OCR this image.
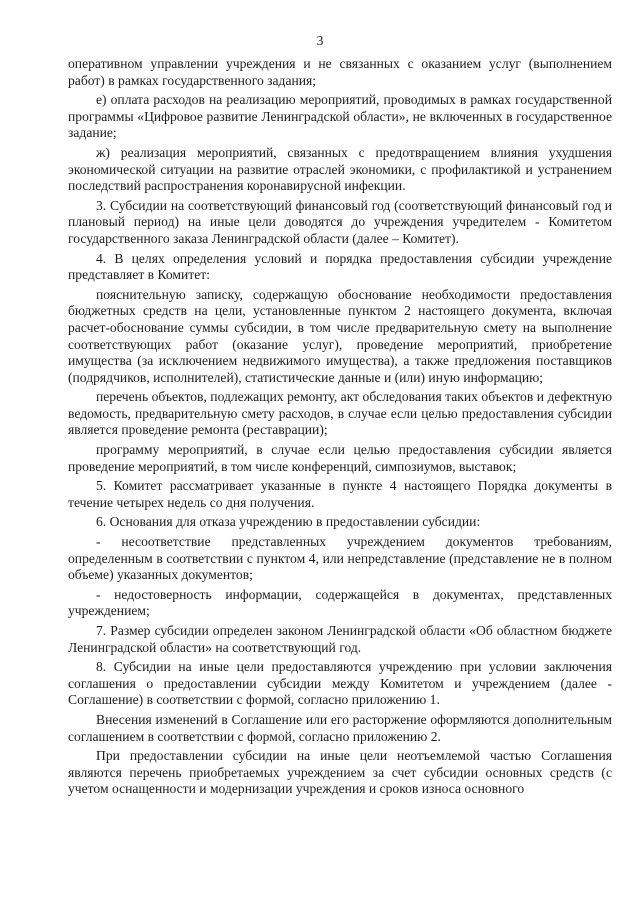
3

оперативном управлении учреждения и не связанных с оказанием услуг (выполнением работ) в рамках государственного задания;

е) оплата расходов на реализацию мероприятий, проводимых в рамках государственной программы «Цифровое развитие Ленинградской области», не включенных в государственное задание;

ж) реализация мероприятий, связанных с предотвращением влияния ухудшения экономической ситуации на развитие отраслей экономики, с профилактикой и устранением последствий распространения коронавирусной инфекции.

3. Субсидии на соответствующий финансовый год (соответствующий финансовый год и плановый период) на иные цели доводятся до учреждения учредителем - Комитетом государственного заказа Ленинградской области (далее – Комитет).

4. В целях определения условий и порядка предоставления субсидии учреждение представляет в Комитет:

пояснительную записку, содержащую обоснование необходимости предоставления бюджетных средств на цели, установленные пунктом 2 настоящего документа, включая расчет-обоснование суммы субсидии, в том числе предварительную смету на выполнение соответствующих работ (оказание услуг), проведение мероприятий, приобретение имущества (за исключением недвижимого имущества), а также предложения поставщиков (подрядчиков, исполнителей), статистические данные и (или) иную информацию;

перечень объектов, подлежащих ремонту, акт обследования таких объектов и дефектную ведомость, предварительную смету расходов, в случае если целью предоставления субсидии является проведение ремонта (реставрации);

программу мероприятий, в случае если целью предоставления субсидии является проведение мероприятий, в том числе конференций, симпозиумов, выставок;

5. Комитет рассматривает указанные в пункте 4 настоящего Порядка документы в течение четырех недель со дня получения.

6. Основания для отказа учреждению в предоставлении субсидии:

- несоответствие представленных учреждением документов требованиям, определенным в соответствии с пунктом 4, или непредставление (представление не в полном объеме) указанных документов;

- недостоверность информации, содержащейся в документах, представленных учреждением;

7. Размер субсидии определен законом Ленинградской области «Об областном бюджете Ленинградской области» на соответствующий год.

8. Субсидии на иные цели предоставляются учреждению при условии заключения соглашения о предоставлении субсидии между Комитетом и учреждением (далее - Соглашение) в соответствии с формой, согласно приложению 1.

Внесения изменений в Соглашение или его расторжение оформляются дополнительным соглашением в соответствии с формой, согласно приложению 2.

При предоставлении субсидии на иные цели неотъемлемой частью Соглашения являются перечень приобретаемых учреждением за счет субсидии основных средств (с учетом оснащенности и модернизации учреждения и сроков износа основного
